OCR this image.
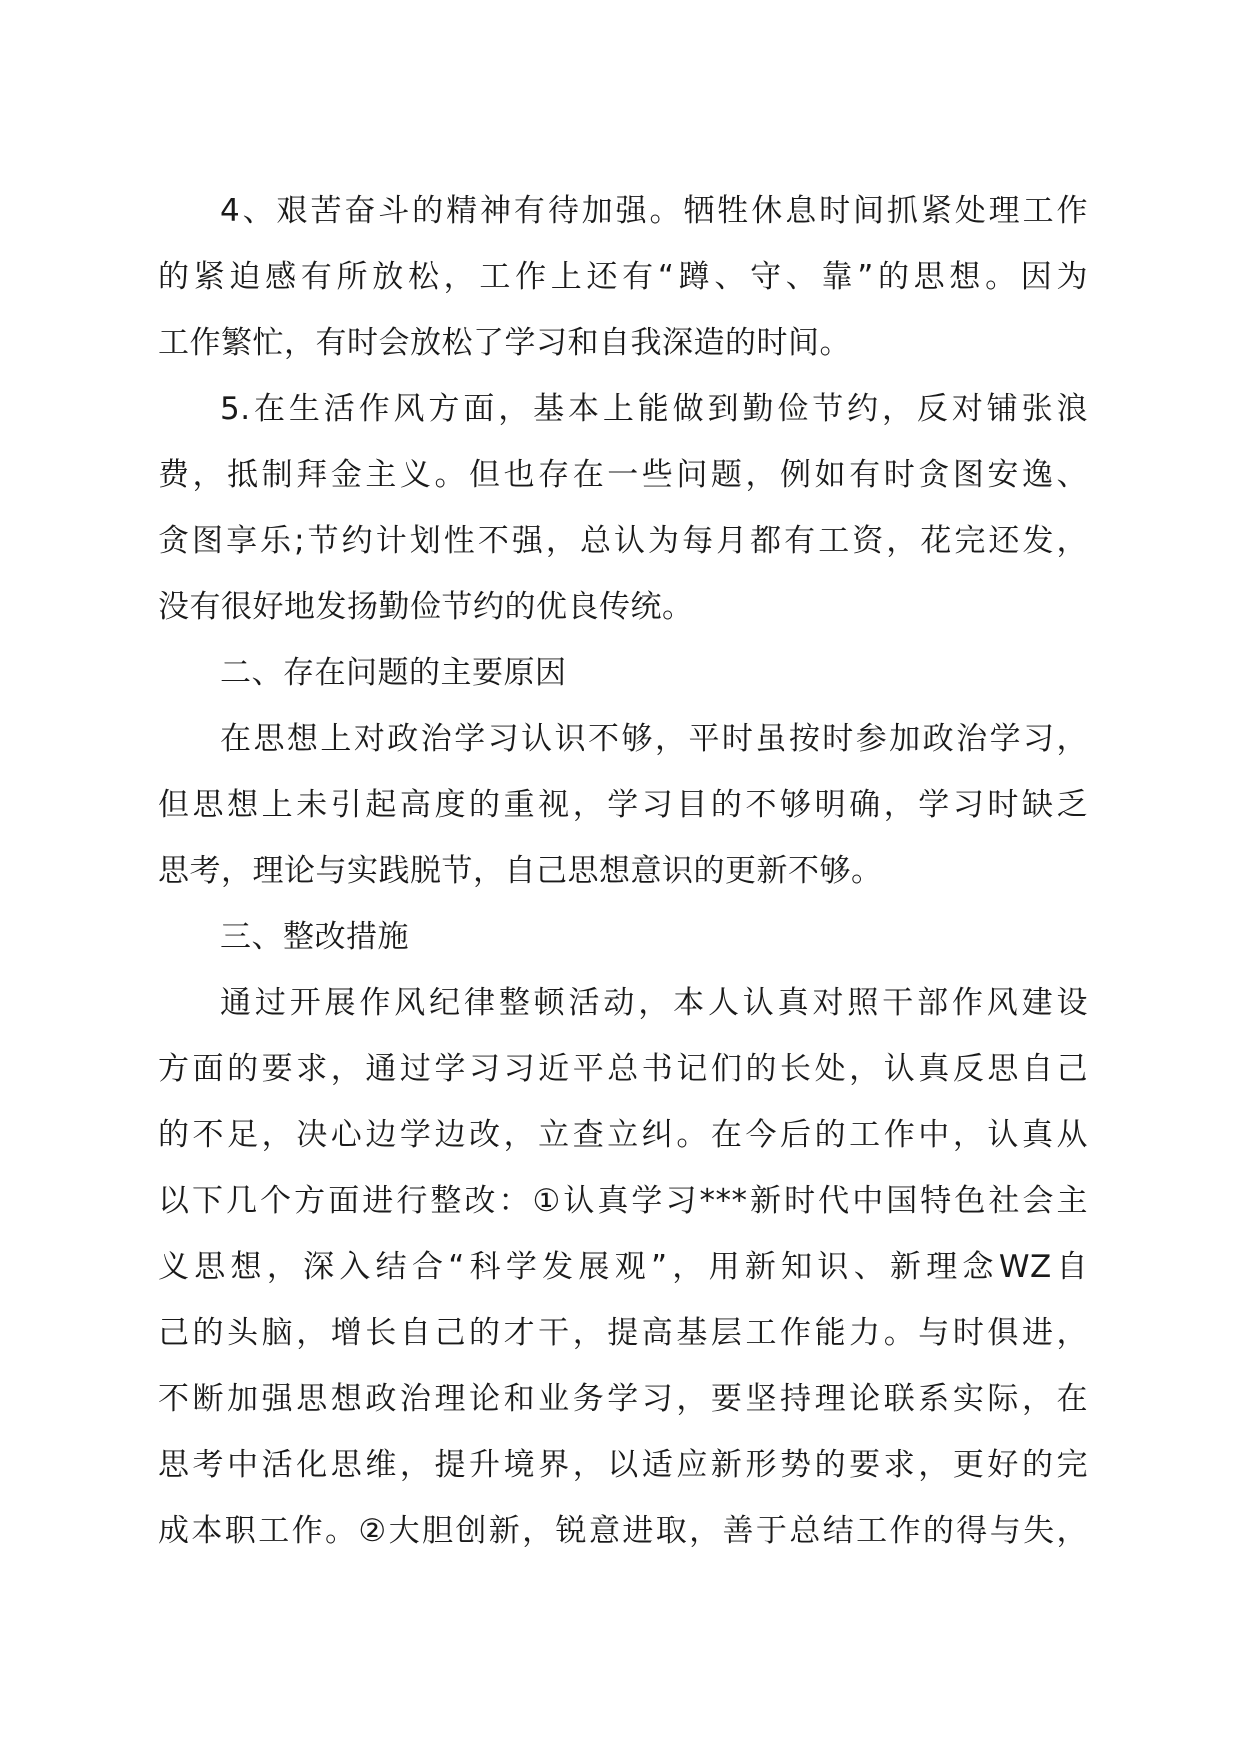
4、艰苦奋斗的精神有待加强。牺牲休息时间抓紧处理工作
的紧迫感有所放松，工作上还有“蹲、守、靠”的思想。因为
工作繁忙，有时会放松了学习和自我深造的时间。
5.在生活作风方面，基本上能做到勤俭节约，反对铺张浪
费，抵制拜金主义。但也存在一些问题，例如有时贪图安逸、
贪图享乐;节约计划性不强，总认为每月都有工资，花完还发，
没有很好地发扬勤俭节约的优良传统。
二、存在问题的主要原因
在思想上对政治学习认识不够，平时虽按时参加政治学习，
但思想上未引起高度的重视，学习目的不够明确，学习时缺乏
思考，理论与实践脱节，自己思想意识的更新不够。
三、整改措施
通过开展作风纪律整顿活动，本人认真对照干部作风建设
方面的要求，通过学习习近平总书记们的长处，认真反思自己
的不足，决心边学边改，立查立纠。在今后的工作中，认真从
以下几个方面进行整改：①认真学习***新时代中国特色社会主
义思想，深入结合“科学发展观”，用新知识、新理念WZ自
己的头脑，增长自己的才干，提高基层工作能力。与时俱进，
不断加强思想政治理论和业务学习，要坚持理论联系实际，在
思考中活化思维，提升境界，以适应新形势的要求，更好的完
成本职工作。②大胆创新，锐意进取，善于总结工作的得与失，
